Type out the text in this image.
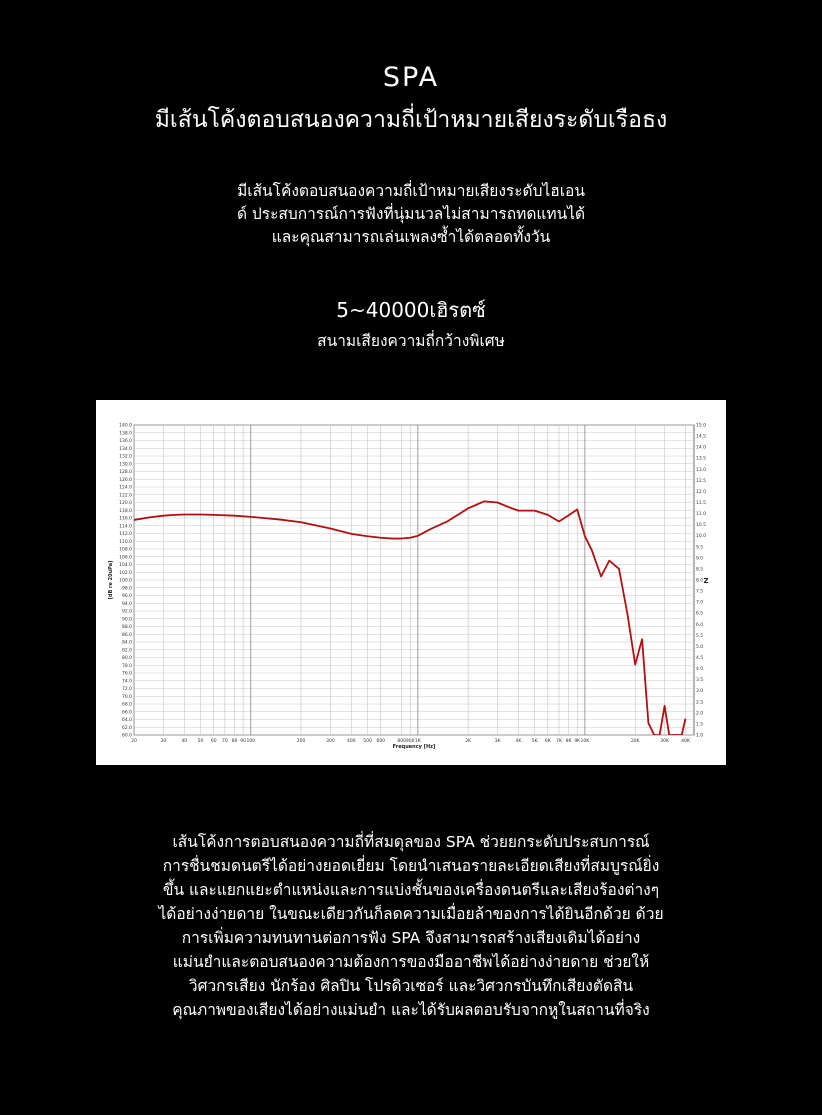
SPA
มีเส้นโค้งตอบสนองความถี่เป้าหมายเสียงระดับเรือธง
มีเส้นโค้งตอบสนองความถี่เป้าหมายเสียงระดับไฮเอน
ด์ ประสบการณ์การฟังที่นุ่มนวลไม่สามารถทดแทนได้
และคุณสามารถเล่นเพลงซ้ำได้ตลอดทั้งวัน
5~40000เฮิรตซ์
สนามเสียงความถี่กว้างพิเศษ
140.0
138.0
136.0
134.0
132.0
130.0
128.0
126.0
124.0
122.0
120.0
118.0
116.0
114.0
112.0
110.0
108.0
106.0
104.0
102.0
100.0
98.0
96.0
94.0
92.0
90.0
88.0
86.0
84.0
82.0
80.0
78.0
76.0
74.0
72.0
70.0
68.0
66.0
64.0
62.0
60.0
15.0
14.5
14.0
13.5
13.0
12.5
12.0
11.5
11.0
10.5
10.0
9.5
9.0
8.5
8.0
7.5
7.0
6.5
6.0
5.5
5.0
4.5
4.0
3.5
3.0
2.5
2.0
1.5
1.0
20	30	40 50 60 70 80 90 100	200	300	400 500 600	800 900 1K	2K	3K	4K 5K 6K 7K 8K 9K 10K	20K	30K	40K
Frequency [Hz]
[dB re 20uPa]	Z
เส้นโค้งการตอบสนองความถี่ที่สมดุลของ SPA ช่วยยกระดับประสบการณ์
การชื่นชมดนตรีได้อย่างยอดเยี่ยม โดยนำเสนอรายละเอียดเสียงที่สมบูรณ์ยิ่ง
ขึ้น และแยกแยะตำแหน่งและการแบ่งชั้นของเครื่องดนตรีและเสียงร้องต่างๆ
ได้อย่างง่ายดาย ในขณะเดียวกันก็ลดความเมื่อยล้าของการได้ยินอีกด้วย ด้วย
การเพิ่มความทนทานต่อการฟัง SPA จึงสามารถสร้างเสียงเดิมได้อย่าง
แม่นยำและตอบสนองความต้องการของมืออาชีพได้อย่างง่ายดาย ช่วยให้
วิศวกรเสียง นักร้อง ศิลปิน โปรดิวเซอร์ และวิศวกรบันทึกเสียงตัดสิน
คุณภาพของเสียงได้อย่างแม่นยำ และได้รับผลตอบรับจากหูในสถานที่จริง
